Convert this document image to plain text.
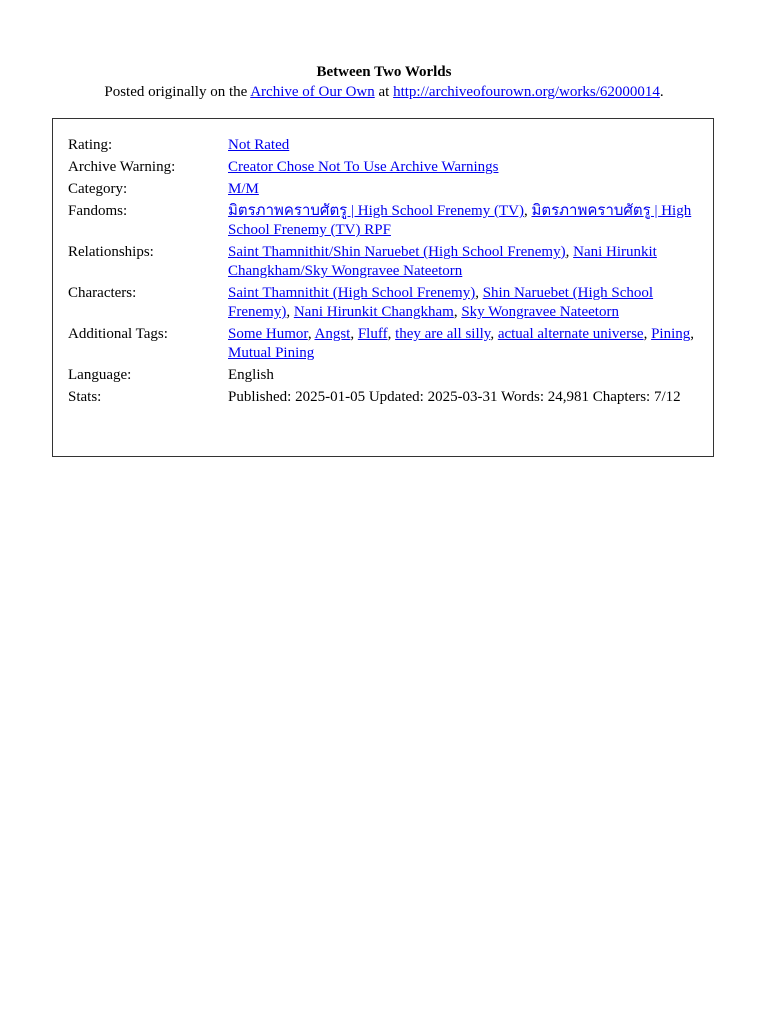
Between Two Worlds
Posted originally on the Archive of Our Own at http://archiveofourown.org/works/62000014.
Rating:	Not Rated
Archive Warning:	Creator Chose Not To Use Archive Warnings
Category:	M/M
Fandoms:	มิตรภาพคราบศัตรู | High School Frenemy (TV), มิตรภาพคราบศัตรู | High School Frenemy (TV) RPF
Relationships:	Saint Thamnithit/Shin Naruebet (High School Frenemy), Nani Hirunkit Changkham/Sky Wongravee Nateetorn
Characters:	Saint Thamnithit (High School Frenemy), Shin Naruebet (High School Frenemy), Nani Hirunkit Changkham, Sky Wongravee Nateetorn
Additional Tags:	Some Humor, Angst, Fluff, they are all silly, actual alternate universe, Pining, Mutual Pining
Language:	English
Stats:	Published: 2025-01-05 Updated: 2025-03-31 Words: 24,981 Chapters: 7/12
